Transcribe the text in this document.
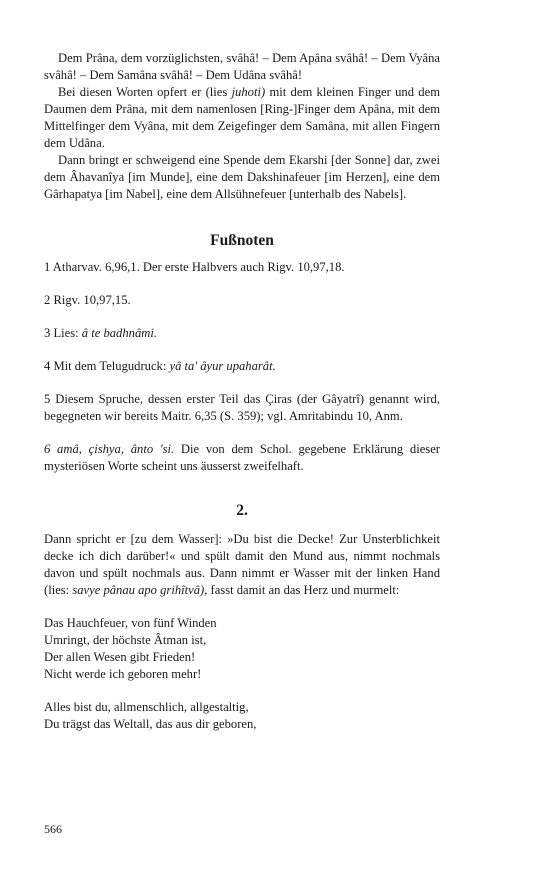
Dem Prâna, dem vorzüglichsten, svâhâ! – Dem Apâna svâhâ! – Dem Vyâna svâhâ! – Dem Samâna svâhâ! – Dem Udâna svâhâ!

Bei diesen Worten opfert er (lies juhoti) mit dem kleinen Finger und dem Daumen dem Prâna, mit dem namenlosen [Ring-]Finger dem Apâna, mit dem Mittelfinger dem Vyâna, mit dem Zeigefinger dem Samâna, mit allen Fingern dem Udâna.

Dann bringt er schweigend eine Spende dem Ekarshi [der Sonne] dar, zwei dem Âhavanîya [im Munde], eine dem Dakshinafeuer [im Herzen], eine dem Gârhapatya [im Nabel], eine dem Allsühnefeuer [unterhalb des Nabels].

Fußnoten

1 Atharvav. 6,96,1. Der erste Halbvers auch Rigv. 10,97,18.

2 Rigv. 10,97,15.

3 Lies: â te badhnâmi.

4 Mit dem Telugudruck: yâ ta' âyur upaharât.

5 Diesem Spruche, dessen erster Teil das Çiras (der Gâyatrî) genannt wird, begegneten wir bereits Maitr. 6,35 (S. 359); vgl. Amritabindu 10, Anm.

6 amâ, çishya, ânto 'si. Die von dem Schol. gegebene Erklärung dieser mysteriösen Worte scheint uns äusserst zweifelhaft.

2.

Dann spricht er [zu dem Wasser]: »Du bist die Decke! Zur Unsterblichkeit decke ich dich darüber!« und spült damit den Mund aus, nimmt nochmals davon und spült nochmals aus. Dann nimmt er Wasser mit der linken Hand (lies: savye pânau apo grihîtvâ), fasst damit an das Herz und murmelt:

Das Hauchfeuer, von fünf Winden

Umringt, der höchste Âtman ist,

Der allen Wesen gibt Frieden!

Nicht werde ich geboren mehr!

Alles bist du, allmenschlich, allgestaltig,

Du trägst das Weltall, das aus dir geboren,

566
